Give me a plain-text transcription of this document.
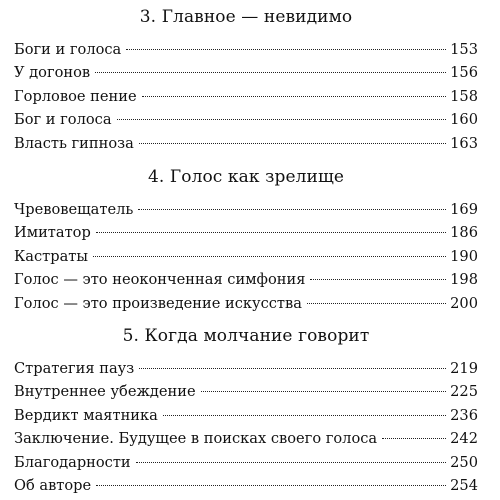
3. Главное — невидимо
Боги и голоса	153
У догонов	156
Горловое пение	158
Бог и голоса	160
Власть гипноза	163
4. Голос как зрелище
Чревовещатель	169
Имитатор	186
Кастраты	190
Голос — это неоконченная симфония	198
Голос — это произведение искусства	200
5. Когда молчание говорит
Стратегия пауз	219
Внутреннее убеждение	225
Вердикт маятника	236
Заключение. Будущее в поисках своего голоса	242
Благодарности	250
Об авторе	254
